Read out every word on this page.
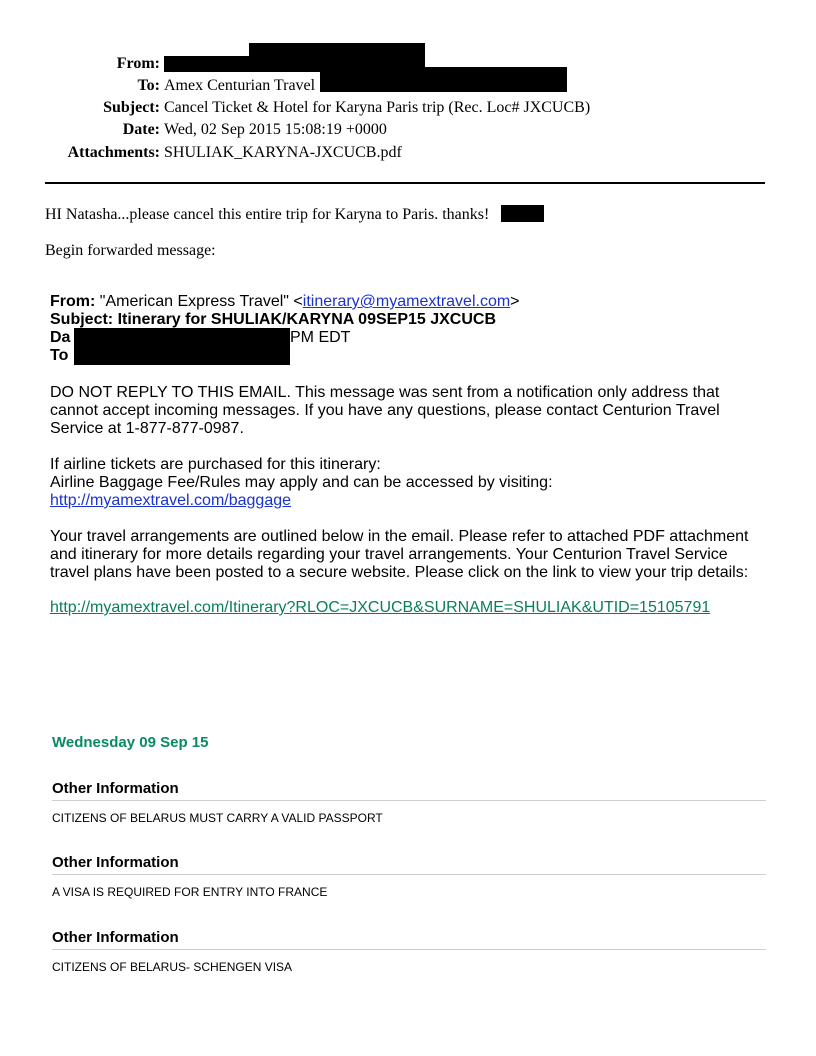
From:
To: Amex Centurian Travel
Subject: Cancel Ticket & Hotel for Karyna Paris trip (Rec. Loc# JXCUCB)
Date: Wed, 02 Sep 2015 15:08:19 +0000
Attachments: SHULIAK_KARYNA-JXCUCB.pdf
HI Natasha...please cancel this entire trip for Karyna to Paris. thanks!
Begin forwarded message:
From: "American Express Travel" <itinerary@myamextravel.com>
Subject: Itinerary for SHULIAK/KARYNA 09SEP15 JXCUCB
Da	PM EDT
To
DO NOT REPLY TO THIS EMAIL. This message was sent from a notification only address that cannot accept incoming messages. If you have any questions, please contact Centurion Travel Service at 1-877-877-0987.
If airline tickets are purchased for this itinerary:
Airline Baggage Fee/Rules may apply and can be accessed by visiting:
http://myamextravel.com/baggage
Your travel arrangements are outlined below in the email. Please refer to attached PDF attachment and itinerary for more details regarding your travel arrangements. Your Centurion Travel Service travel plans have been posted to a secure website. Please click on the link to view your trip details:
http://myamextravel.com/Itinerary?RLOC=JXCUCB&SURNAME=SHULIAK&UTID=15105791
Wednesday 09 Sep 15
Other Information
CITIZENS OF BELARUS MUST CARRY A VALID PASSPORT
Other Information
A VISA IS REQUIRED FOR ENTRY INTO FRANCE
Other Information
CITIZENS OF BELARUS- SCHENGEN VISA
